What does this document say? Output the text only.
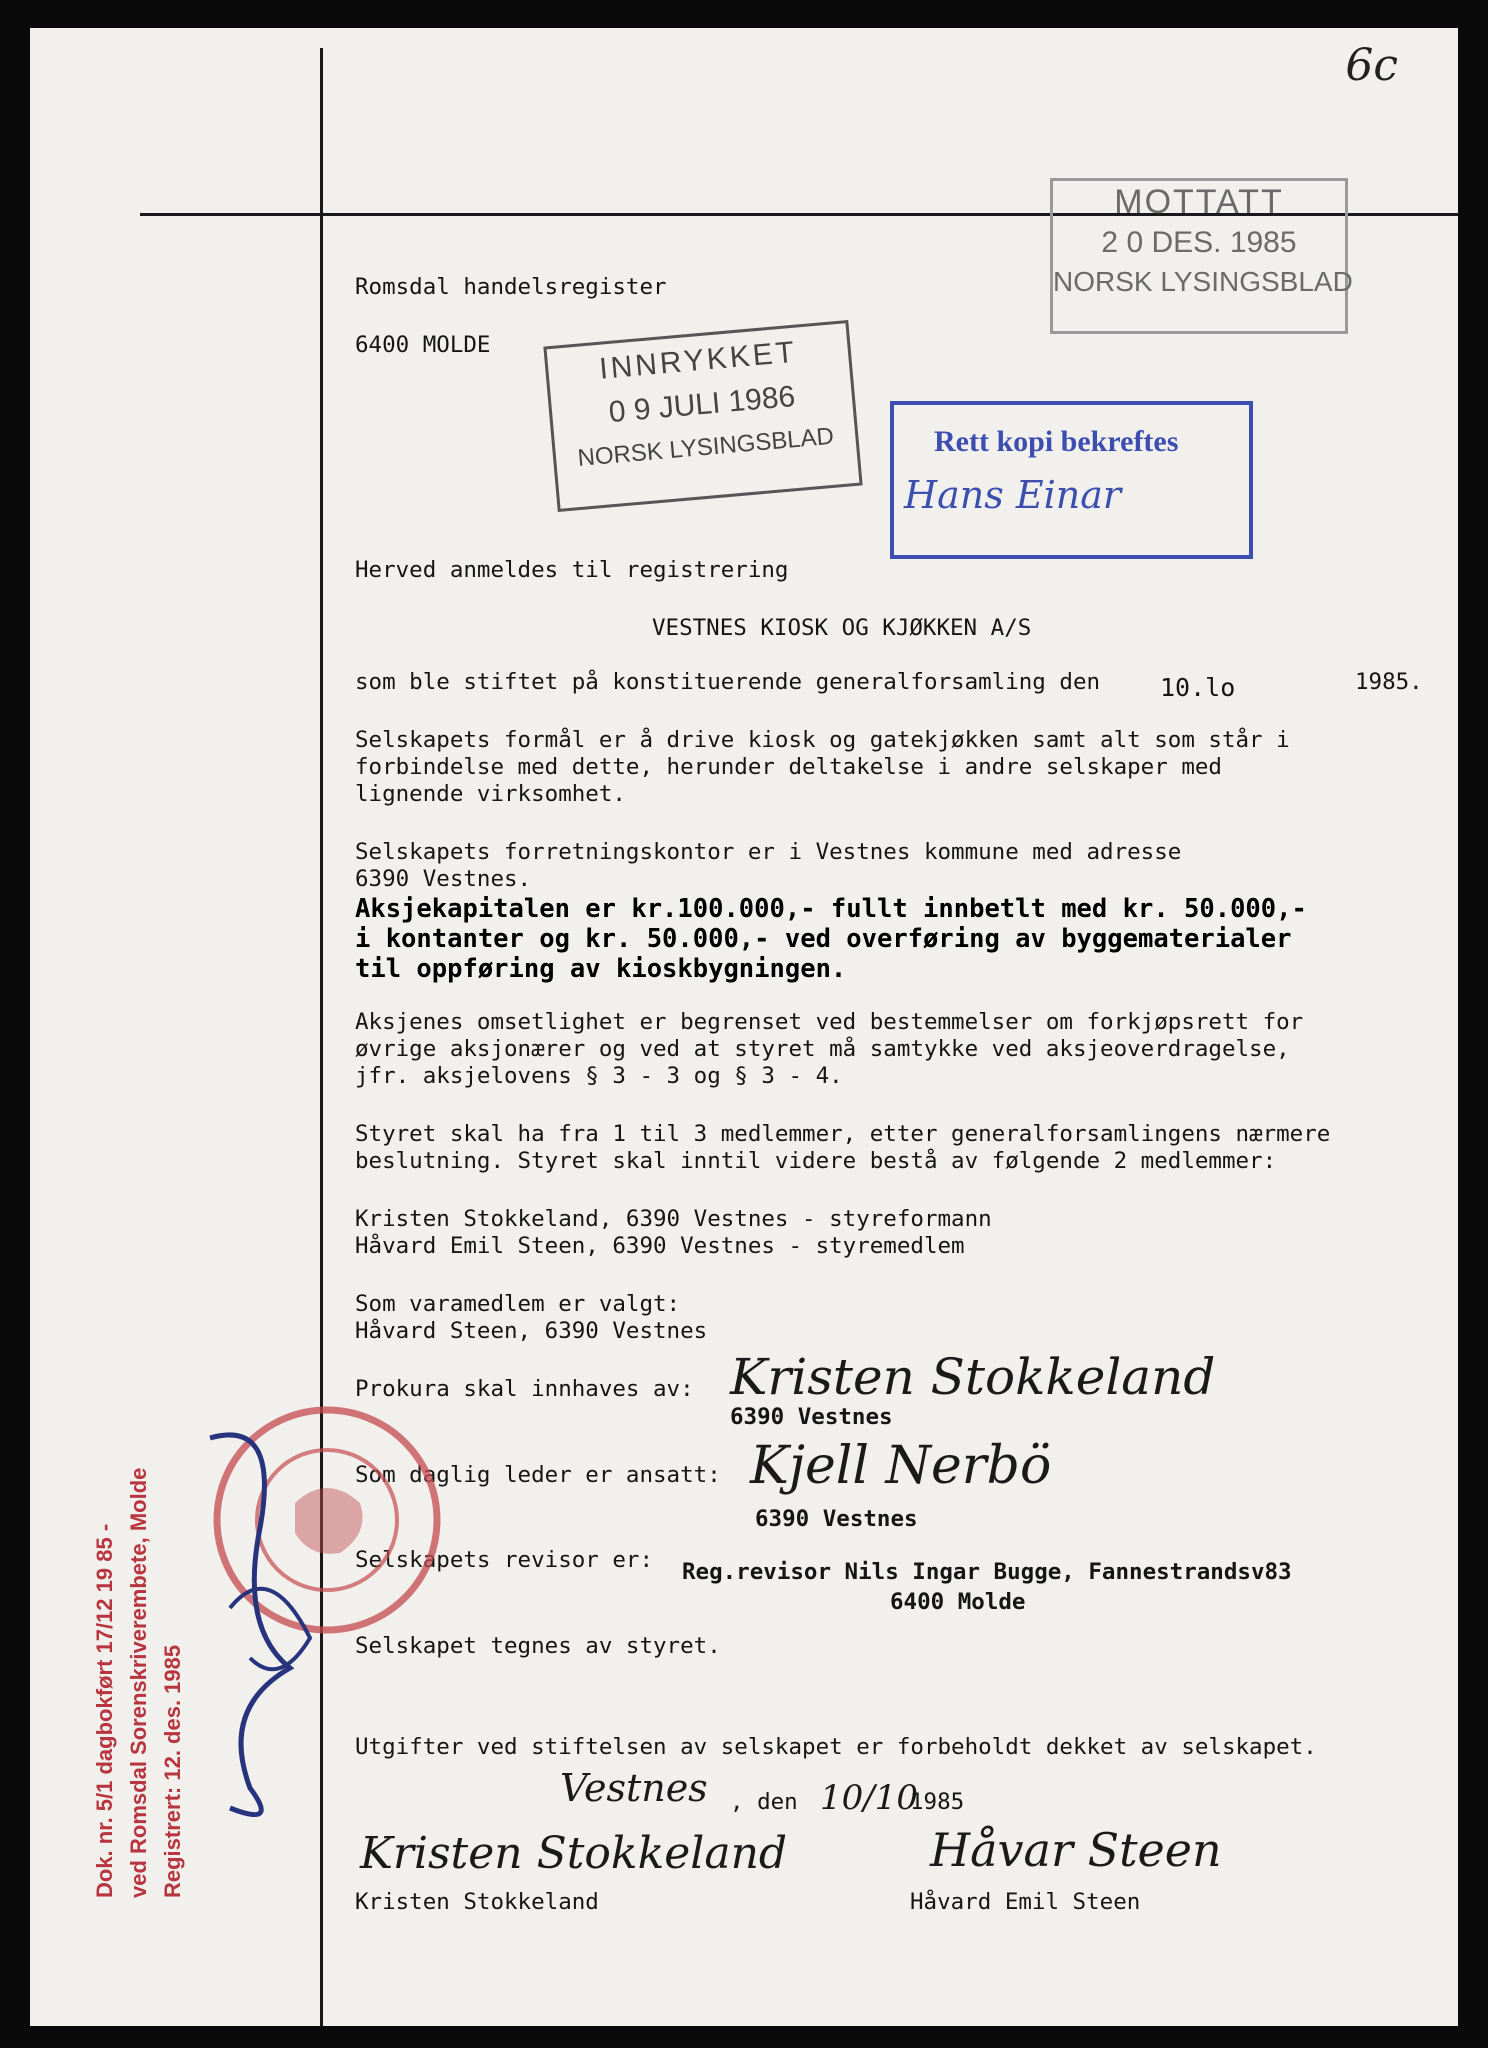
6c
MOTTATT
2 0 DES. 1985
NORSK LYSINGSBLAD
INNRYKKET
0 9 JULI 1986
NORSK LYSINGSBLAD	Rett kopi bekreftes
Hans Einar
Romsdal handelsregister
6400 MOLDE
Herved anmeldes til registrering
VESTNES KIOSK OG KJØKKEN A/S
som ble stiftet på konstituerende generalforsamling den 10.lo	1985.
Selskapets formål er å drive kiosk og gatekjøkken samt alt som står i
forbindelse med dette, herunder deltakelse i andre selskaper med
lignende virksomhet.
Selskapets forretningskontor er i Vestnes kommune med adresse
6390 Vestnes.
Aksjekapitalen er kr.100.000,- fullt innbetlt med kr. 50.000,-
i kontanter og kr. 50.000,- ved overføring av byggematerialer
til oppføring av kioskbygningen.
Aksjenes omsetlighet er begrenset ved bestemmelser om forkjøpsrett for
øvrige aksjonærer og ved at styret må samtykke ved aksjeoverdragelse,
jfr. aksjelovens § 3 - 3 og § 3 - 4.
Styret skal ha fra 1 til 3 medlemmer, etter generalforsamlingens nærmere
beslutning. Styret skal inntil videre bestå av følgende 2 medlemmer:
Kristen Stokkeland, 6390 Vestnes - styreformann
Håvard Emil Steen, 6390 Vestnes - styremedlem
Som varamedlem er valgt:
Håvard Steen, 6390 Vestnes
Prokura skal innhaves av: Kristen Stokkeland
6390 Vestnes
Som daglig leder er ansatt: Kjell Nerbö
6390 Vestnes
Selskapets revisor er: Reg.revisor Nils Ingar Bugge, Fannestrandsv83
6400 Molde
Selskapet tegnes av styret.
Utgifter ved stiftelsen av selskapet er forbeholdt dekket av selskapet.
Vestnes , den 10/10
1985
Kristen Stokkeland
Kristen Stokkeland
Håvar Steen
Håvard Emil Steen
Dok. nr. 5/1 dagbokført 17/12 19 85 - ved Romsdal Sorenskriverembete, Molde Registrert: 12. des. 1985
